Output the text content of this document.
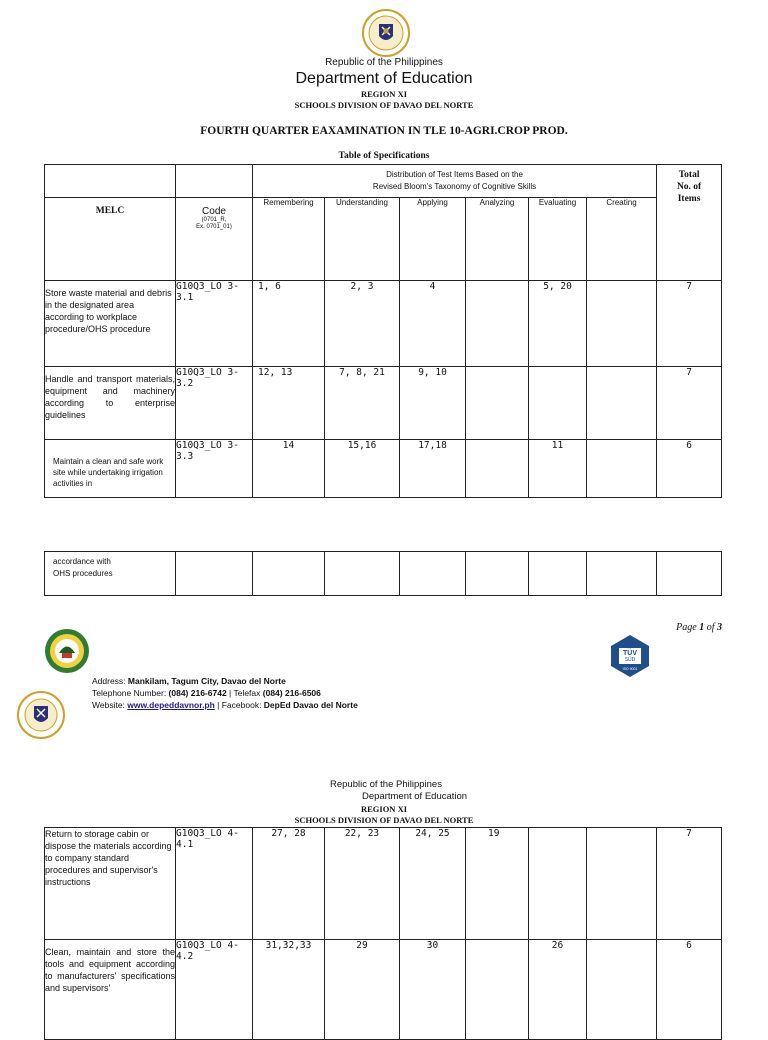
Republic of the Philippines
Department of Education
REGION XI
SCHOOLS DIVISION OF DAVAO DEL NORTE
FOURTH QUARTER EAXAMINATION IN TLE 10-AGRI.CROP PROD.
Table of Specifications

		Distribution of Test Items Based on the
Revised Bloom's Taxonomy of Cognitive Skills						Total No. of Items
MELC	Code
(0701_R,
Ex. 0701_01)	Remembering	Understanding	Applying	Analyzing	Evaluating	Creating	
Store waste material and debris in the designated area according to workplace procedure/OHS procedure	G10Q3_LO 3-3.1	1, 6	2, 3	4		5, 20		7
Handle and transport materials, equipment and machinery according to enterprise guidelines	G10Q3_LO 3-3.2	12, 13	7, 8, 21	9, 10				7
Maintain a clean and safe work site while undertaking irrigation activities in	G10Q3_LO 3-3.3	14	15,16	17,18		11		6
accordance with OHS procedures								
Page 1 of 3
TÜV
SÜD
ISO 9001
Address: Mankilam, Tagum City, Davao del Norte
Telephone Number: (084) 216-6742 | Telefax (084) 216-6506
Website: www.depeddavnor.ph | Facebook: DepEd Davao del Norte
Republic of the Philippines
Department of Education
REGION XI
SCHOOLS DIVISION OF DAVAO DEL NORTE
Return to storage cabin or dispose the materials according to company standard procedures and supervisor's instructions	G10Q3_LO 4-4.1	27, 28	22, 23	24, 25	19			7
Clean, maintain and store the tools and equipment according to manufacturers' specifications and supervisors'	G10Q3_LO 4-4.2	31,32,33	29	30		26		6
